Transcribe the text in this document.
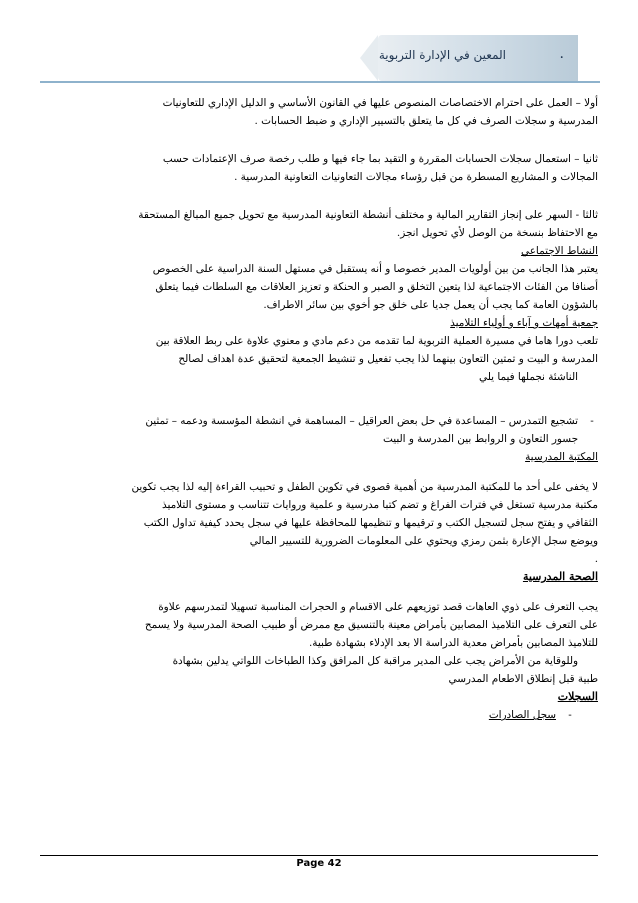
المعين في الإدارة التربوية	.

أولا – العمل على احترام الاختصاصات المنصوص عليها في القانون الأساسي و الدليل الإداري للتعاونيات

المدرسية و سجلات الصرف في كل ما يتعلق بالتسيير الإداري و ضبط الحسابات .

ثانيا – استعمال سجلات الحسابات المقررة و التقيد بما جاء فيها و طلب رخصة صرف الإعتمادات حسب

المجالات و المشاريع المسطرة من قبل رؤساء مجالات التعاونيات التعاونية المدرسية .

ثالثا - السهر على إنجاز التقارير المالية و مختلف أنشطة التعاونية المدرسية مع تحويل جميع المبالغ المستحقة

مع الاحتفاظ بنسخة من الوصل لأي تحويل انجز.

النشاط الاجتماعي

يعتبر هذا الجانب من بين أولويات المدير خصوصا و أنه يستقبل في مستهل السنة الدراسية على الخصوص

أصنافا من الفئات الاجتماعية لذا يتعين التخلق و الصبر و الحنكة و تعزيز العلاقات مع السلطات فيما يتعلق

بالشؤون العامة كما يجب أن يعمل جديا على خلق جو أخوي بين سائر الاطراف.

جمعية أمهات و آباء و أولياء التلاميذ

تلعب دورا هاما في مسيرة العملية التربوية لما تقدمه من دعم مادي و معنوي علاوة على ربط العلاقة بين

المدرسة و البيت و تمتين التعاون بينهما لذا يجب تفعيل و تنشيط الجمعية لتحقيق عدة اهداف لصالح

الناشئة نجملها فيما يلي

-

تشجيع التمدرس – المساعدة في حل بعض العراقيل – المساهمة في انشطة المؤسسة ودعمه – تمثين

جسور التعاون و الروابط بين المدرسة و البيت

المكتبة المدرسية

لا يخفى على أحد ما للمكتبة المدرسية من أهمية قصوى في تكوين الطفل و تحبيب القراءة إليه لذا يجب تكوين

مكتبة مدرسية تستغل في فترات الفراغ و تضم كتبا مدرسية و علمية وروايات تتناسب و مستوى التلاميذ

الثقافي و يفتح سجل لتسجيل الكتب و ترقيمها و تنظيمها للمحافظة عليها في سجل يحدد كيفية تداول الكتب

ويوضع سجل الإعارة بثمن رمزي ويحتوي على المعلومات الضرورية للتسيير المالي

.

الصحة المدرسية

يجب التعرف على ذوي العاهات قصد توزيعهم على الاقسام و الحجرات المناسبة تسهيلا لتمدرسهم علاوة

على التعرف على التلاميذ المصابين بأمراض معينة بالتنسيق مع ممرض أو طبيب الصحة المدرسية ولا يسمح

للتلاميذ المصابين بأمراض معدية الدراسة الا بعد الإدلاء بشهادة طبية.

وللوقاية من الأمراض يجب على المدير مراقبة كل المرافق وكذا الطباخات اللواتي يدلين بشهادة

طبية قبل إنطلاق الاطعام المدرسي

السجلات

-
سجل الصادرات
Page 42
